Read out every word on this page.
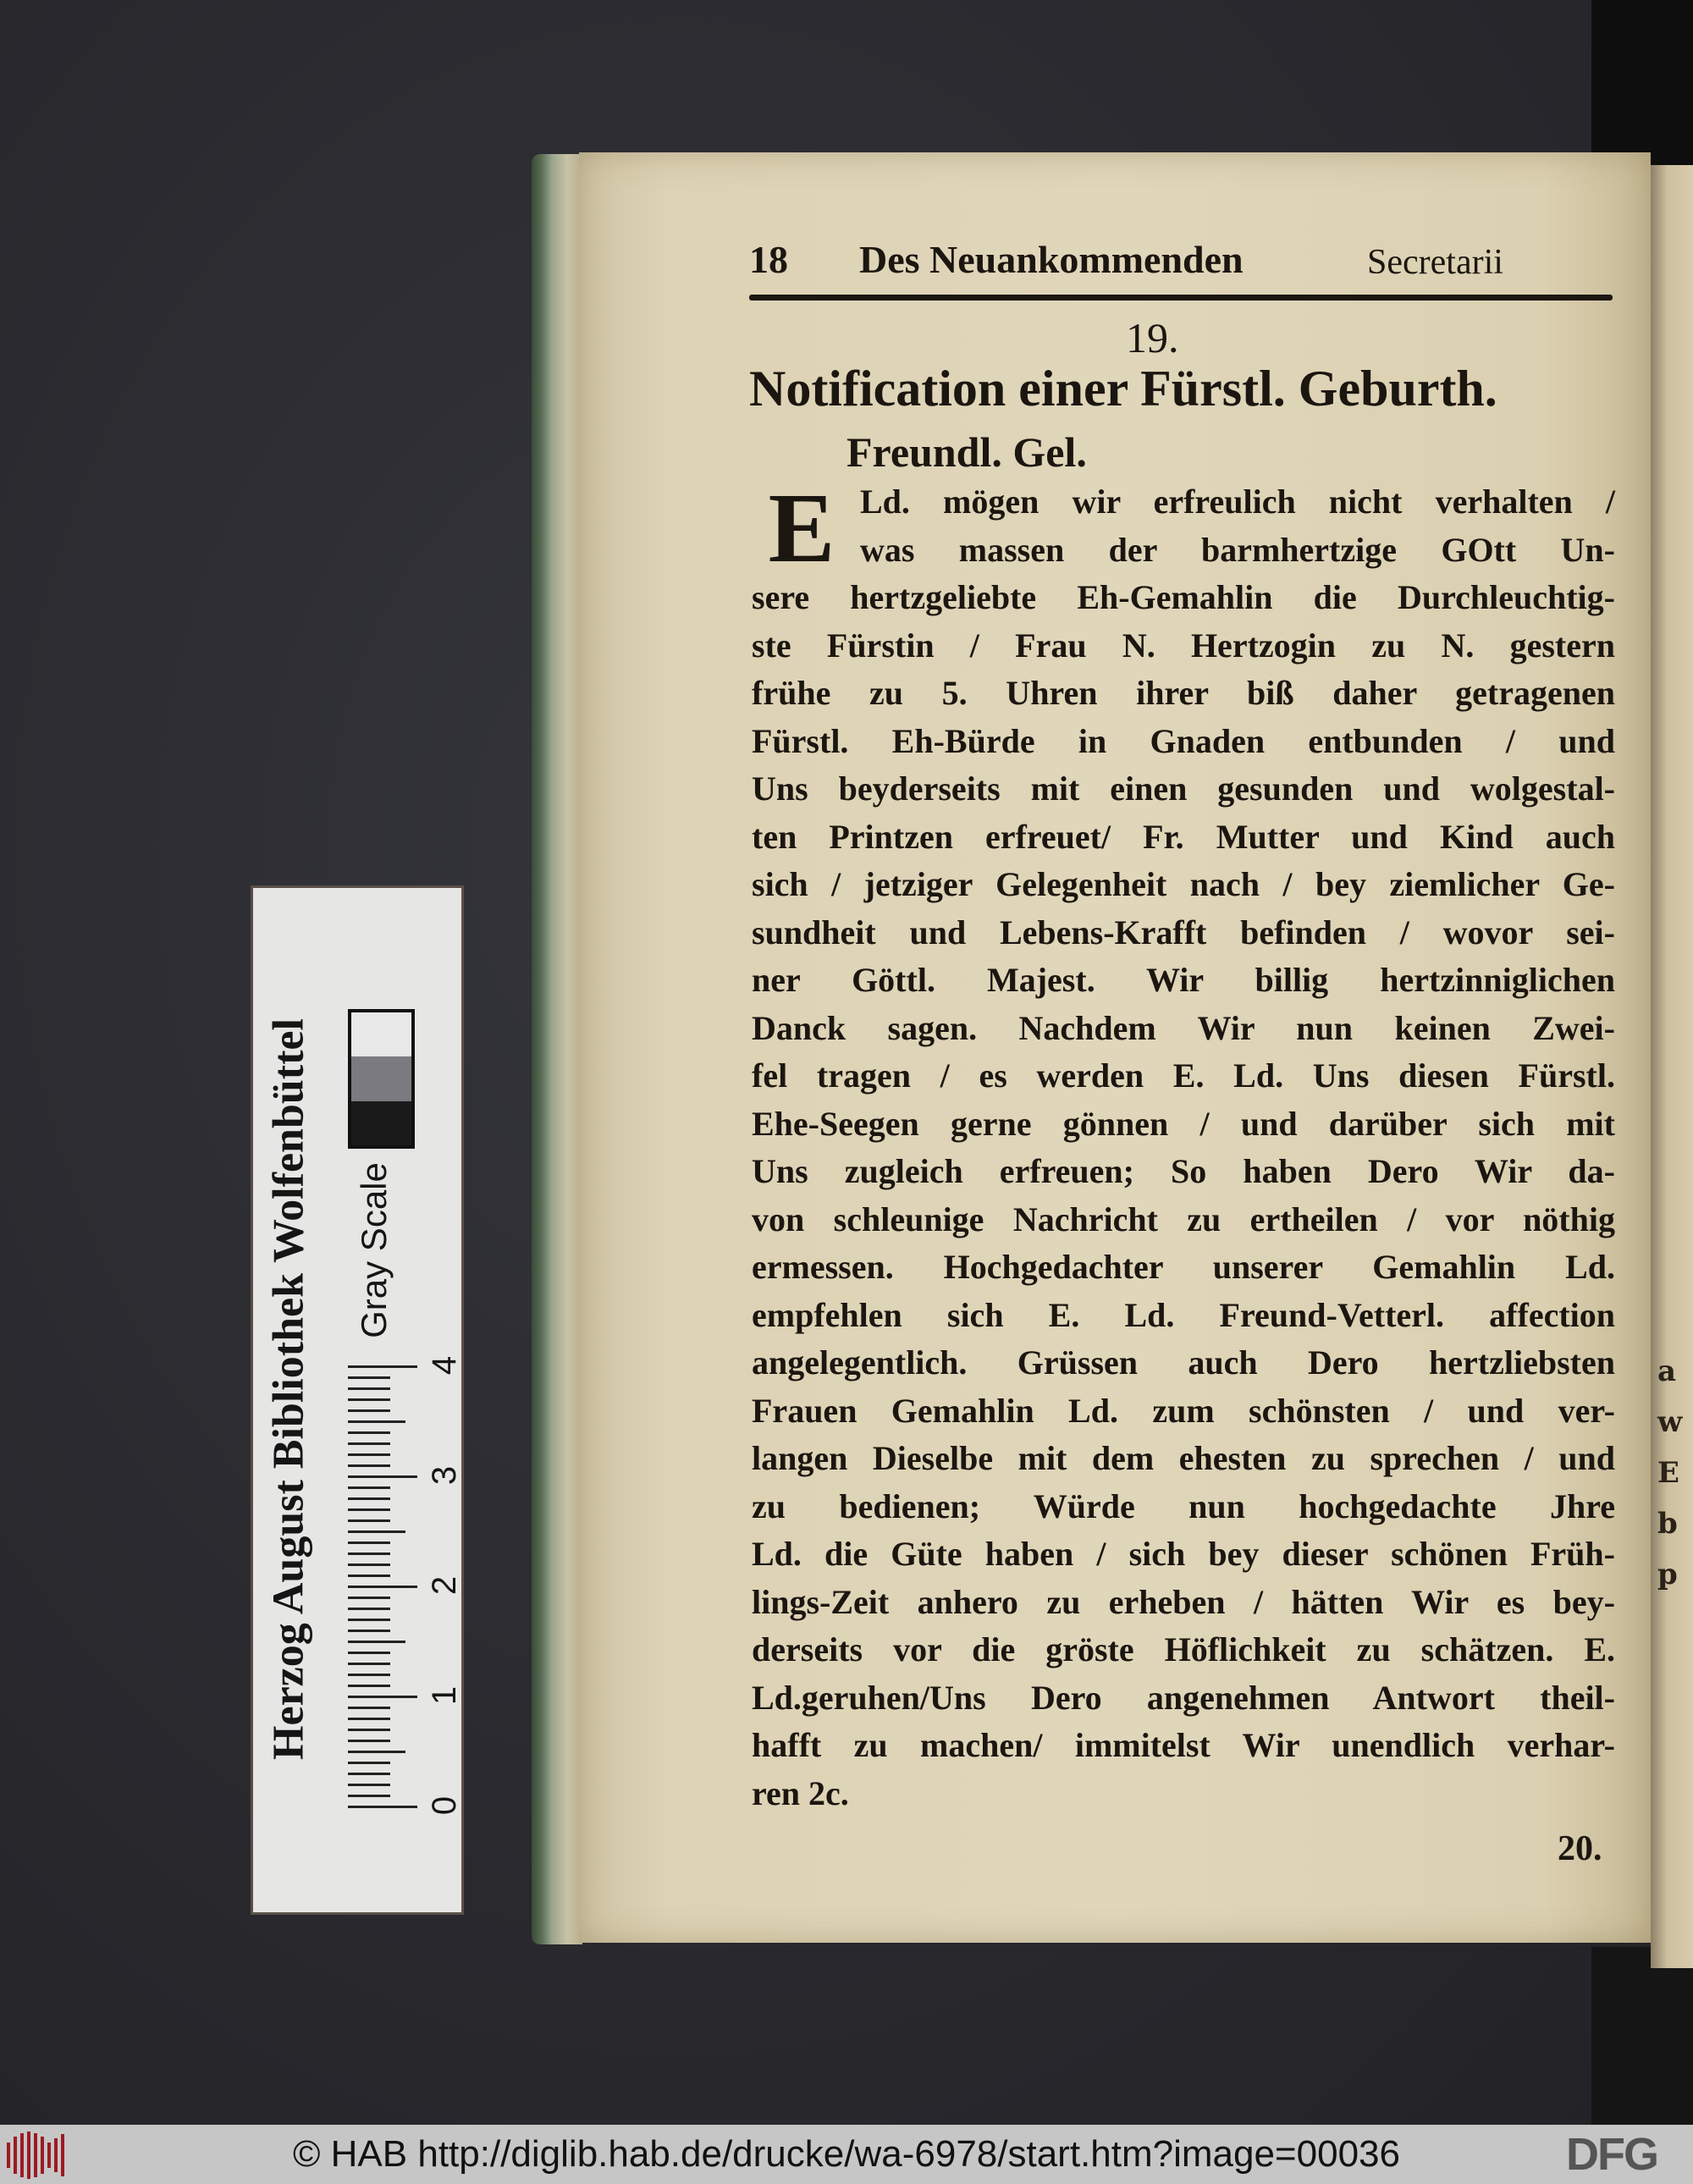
a
w
E
b
p
18 Des Neuankommenden	Secretarii
19.
Notification einer Fürstl. Geburth.
Freundl. Gel.
E Ld. mögen wir erfreulich nicht verhalten /
was massen der barmhertzige GOtt Un-
sere hertzgeliebte Eh-Gemahlin die Durchleuchtig-
ste Fürstin / Frau N. Hertzogin zu N. gestern
frühe zu 5. Uhren ihrer biß daher getragenen
Fürstl. Eh-Bürde in Gnaden entbunden / und
Uns beyderseits mit einen gesunden und wolgestal-
ten Printzen erfreuet/ Fr. Mutter und Kind auch
sich / jetziger Gelegenheit nach / bey ziemlicher Ge-
sundheit und Lebens-Krafft befinden / wovor sei-
ner Göttl. Majest. Wir billig hertzinniglichen
Danck sagen. Nachdem Wir nun keinen Zwei-
fel tragen / es werden E. Ld. Uns diesen Fürstl.
Ehe-Seegen gerne gönnen / und darüber sich mit
Uns zugleich erfreuen; So haben Dero Wir da-
von schleunige Nachricht zu ertheilen / vor nöthig
ermessen. Hochgedachter unserer Gemahlin Ld.
empfehlen sich E. Ld. Freund-Vetterl. affection
angelegentlich. Grüssen auch Dero hertzliebsten
Frauen Gemahlin Ld. zum schönsten / und ver-
langen Dieselbe mit dem ehesten zu sprechen / und
zu bedienen; Würde nun hochgedachte Jhre
Ld. die Güte haben / sich bey dieser schönen Früh-
lings-Zeit anhero zu erheben / hätten Wir es bey-
derseits vor die gröste Höflichkeit zu schätzen. E.
Ld.geruhen/Uns Dero angenehmen Antwort theil-
hafft zu machen/ immitelst Wir unendlich verhar-
ren 2c.
20.
Herzog August Bibliothek Wolfenbüttel Gray Scale
0
1
2
3
4
© HAB http://diglib.hab.de/drucke/wa-6978/start.htm?image=00036	DFG
